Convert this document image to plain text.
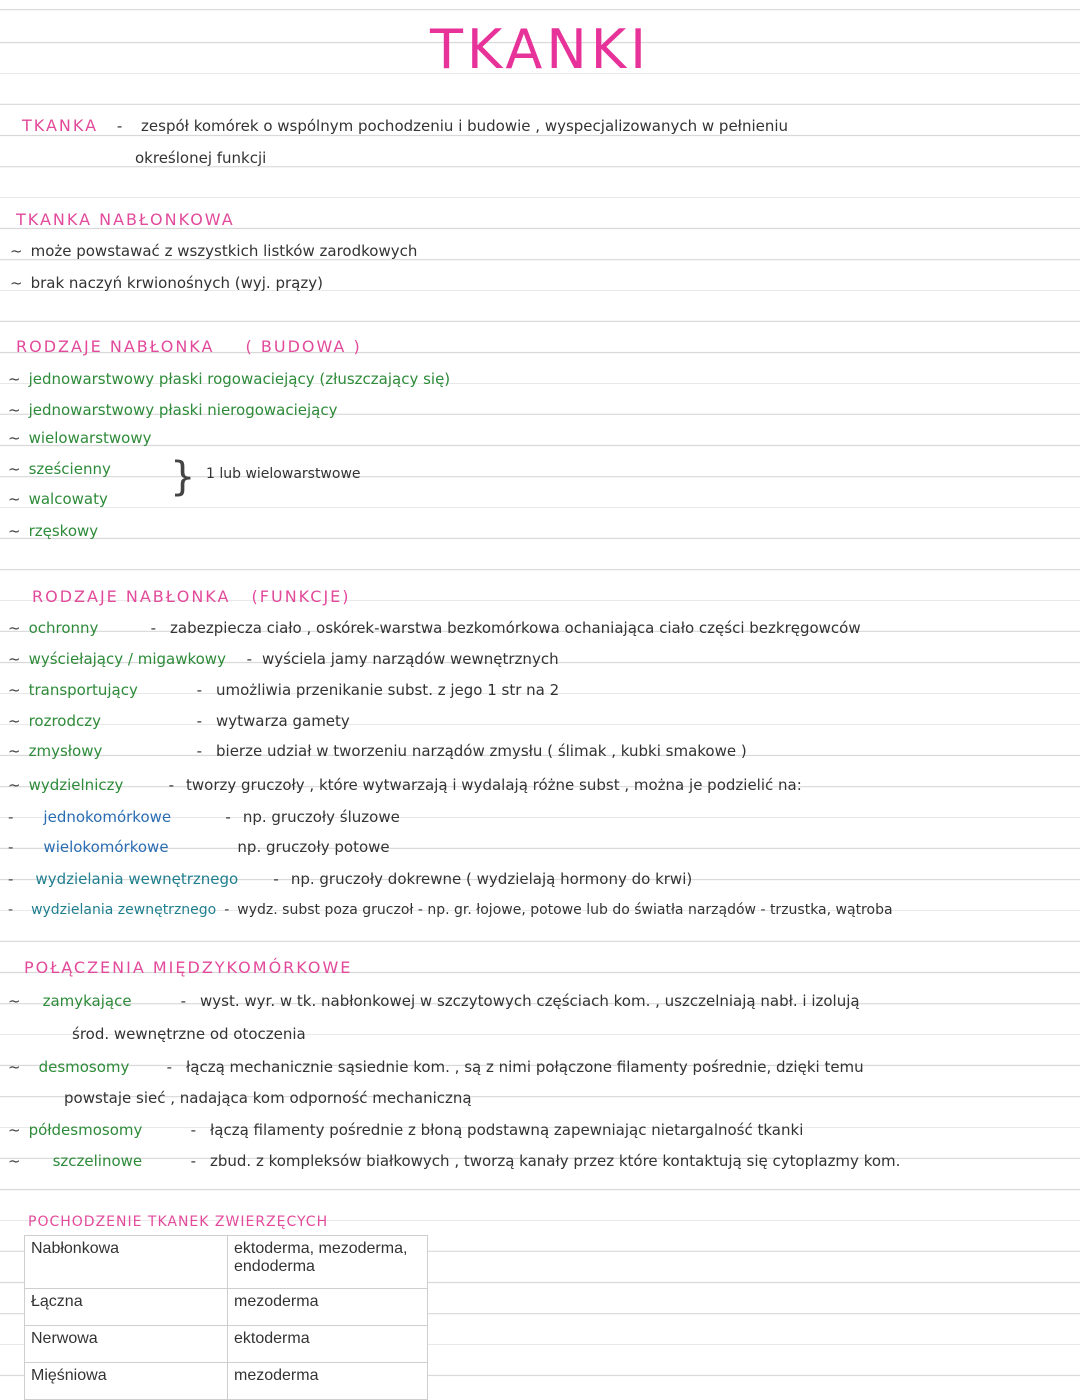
TKANKI
TKANKA - zespół komórek o wspólnym pochodzeniu i budowie , wyspecjalizowanych w pełnieniu
określonej funkcji
TKANKA NABŁONKOWA
~ może powstawać z wszystkich listków zarodkowych
~ brak naczyń krwionośnych (wyj. prązy)
RODZAJE NABŁONKA ( BUDOWA )
~ jednowarstwowy płaski rogowaciejący (złuszczający się)
~ jednowarstwowy płaski nierogowaciejący
~ wielowarstwowy
~ sześcienny
~ walcowaty
~ rzęskowy
} 1 lub wielowarstwowe
RODZAJE NABŁONKA (FUNKCJE)
~ ochronny	- zabezpiecza ciało , oskórek-warstwa bezkomórkowa ochaniająca ciało części bezkręgowców
~ wyściełający / migawkowy - wyściela jamy narządów wewnętrznych
~ transportujący	- umożliwia przenikanie subst. z jego 1 str na 2
~ rozrodczy	- wytwarza gamety
~ zmysłowy	- bierze udział w tworzeniu narządów zmysłu ( ślimak , kubki smakowe )
~ wydzielniczy	- tworzy gruczoły , które wytwarzają i wydalają różne subst , można je podzielić na:
- jednokomórkowe	- np. gruczoły śluzowe
- wielokomórkowe	np. gruczoły potowe
- wydzielania wewnętrznego - np. gruczoły dokrewne ( wydzielają hormony do krwi)
- wydzielania zewnętrznego - wydz. subst poza gruczoł - np. gr. łojowe, potowe lub do światła narządów - trzustka, wątroba
POŁĄCZENIA MIĘDZYKOMÓRKOWE
~ zamykające	- wyst. wyr. w tk. nabłonkowej w szczytowych częściach kom. , uszczelniają nabł. i izolują
środ. wewnętrzne od otoczenia
~ desmosomy - łączą mechanicznie sąsiednie kom. , są z nimi połączone filamenty pośrednie, dzięki temu
powstaje sieć , nadająca kom odporność mechaniczną
~ półdesmosomy	- łączą filamenty pośrednie z błoną podstawną zapewniając nietargalność tkanki
~ szczelinowe	- zbud. z kompleksów białkowych , tworzą kanały przez które kontaktują się cytoplazmy kom.
POCHODZENIE TKANEK ZWIERZĘCYCH
Nabłonkowa	ektoderma, mezoderma, endoderma
Łączna	mezoderma
Nerwowa	ektoderma
Mięśniowa	mezoderma
